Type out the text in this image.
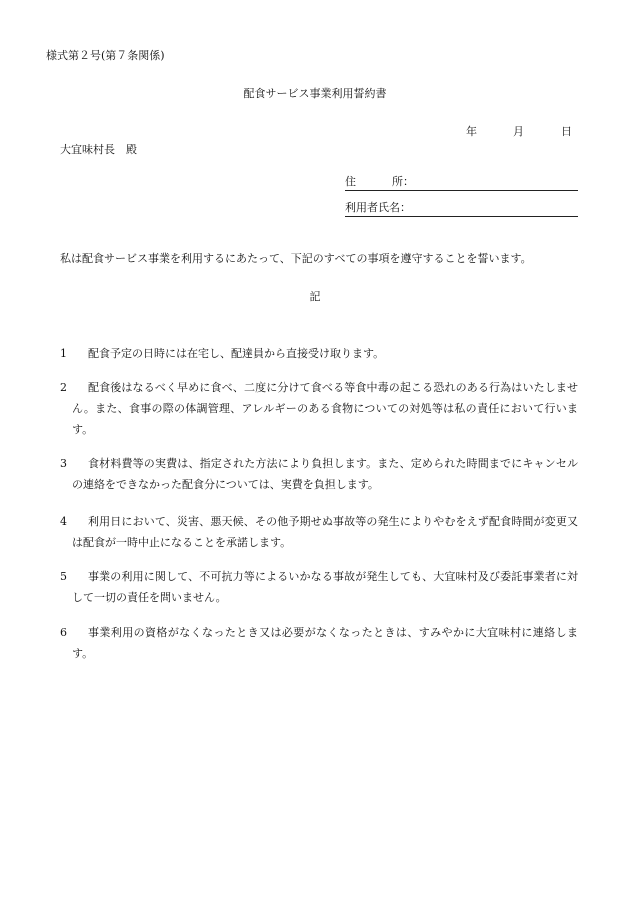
様式第２号(第７条関係)
配食サービス事業利用誓約書
年	月	日
大宜味村長　殿
住	所：
利用者氏名：
私は配食サービス事業を利用するにあたって、下記のすべての事項を遵守することを誓います。
記
1	配食予定の日時には在宅し、配達員から直接受け取ります。
2	配食後はなるべく早めに食べ、二度に分けて食べる等食中毒の起こる恐れのある行為はいたしません。また、食事の際の体調管理、アレルギーのある食物についての対処等は私の責任において行います。
3	食材料費等の実費は、指定された方法により負担します。また、定められた時間までにキャンセルの連絡をできなかった配食分については、実費を負担します。
4	利用日において、災害、悪天候、その他予期せぬ事故等の発生によりやむをえず配食時間が変更又は配食が一時中止になることを承諾します。
5	事業の利用に関して、不可抗力等によるいかなる事故が発生しても、大宜味村及び委託事業者に対して一切の責任を問いません。
6	事業利用の資格がなくなったとき又は必要がなくなったときは、すみやかに大宜味村に連絡します。
